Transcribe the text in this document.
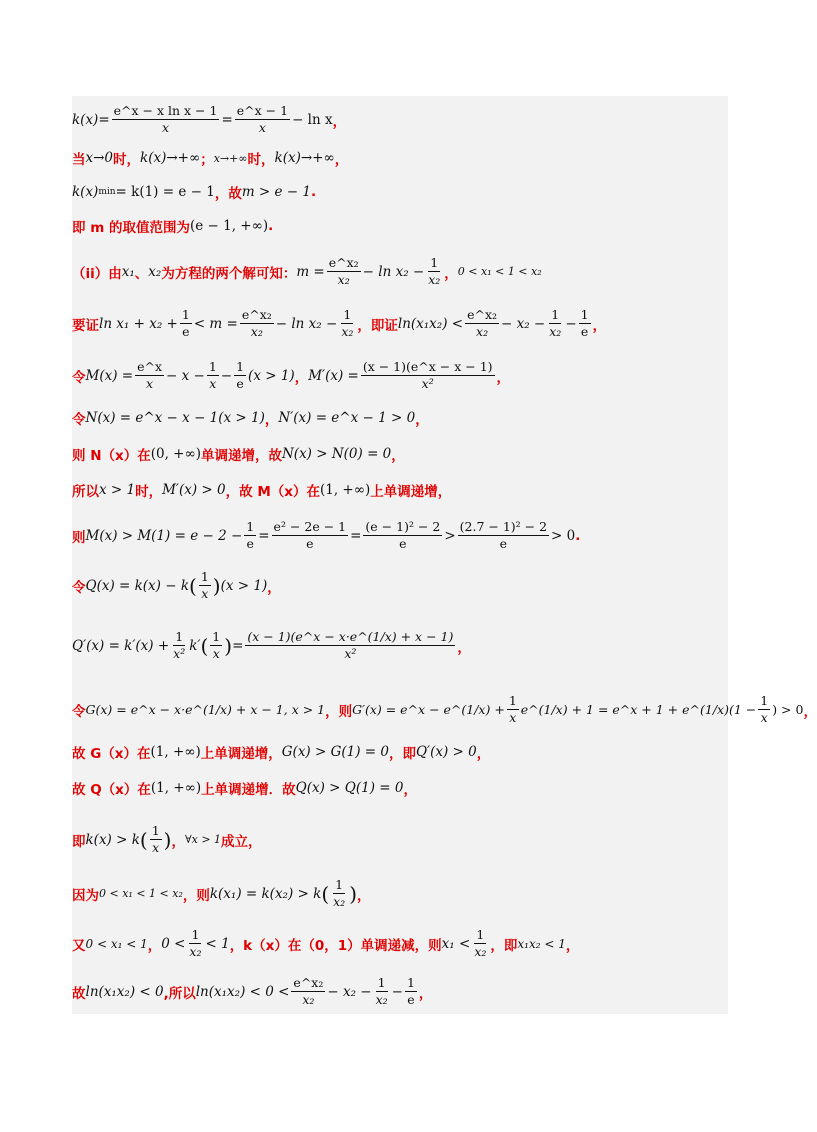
$k(x)= \frac{\text{e\textasciicircum{}x − x ln x − 1}}{x} = \frac{e\^{}x - 1}{x} - \ln x$ ，
当 x→0 时， k(x)→+∞ ； x→+∞ 时， k(x)→+∞ ，
k(x) min = k(1) = e − 1 ，故 m > e − 1 .
即 m 的取值范围为 (e − 1, +∞) .
（ii）由 x₁ 、 x₂ 为方程的两个解可知： $m = \frac{\text{e\textasciicircum{}x₂}}{\text{x₂}} - \ln x_2 - \frac{1}{\text{x₂}}$ ， 0 < x₁ < 1 < x₂
要证 $\ln x_1 + x_2 + \frac{1}{e} < m = \frac{\text{e\textasciicircum{}x₂}}{\text{x₂}} - \ln x_2 - \frac{1}{\text{x₂}}$ ，即证 $\ln(x_1x_2) < \frac{\text{e\textasciicircum{}x₂}}{\text{x₂}} - x_2 - \frac{1}{\text{x₂}} - \frac{1}{e}$ ，
令 $M(x) = \frac{e\^{}x}{x} - x - \frac{1}{x} - \frac{1}{e} (x > 1)$ ， $M'(x) = \frac{(x - 1)(e\^{}x - x - 1)}{\text{x²}}$ ，
令 N(x) = e^x − x − 1(x > 1) ， N′(x) = e^x − 1 > 0 ，
则 N（x）在 (0, +∞) 单调递增，故 N(x) > N(0) = 0 ，
所以 x > 1 时， M′(x) > 0 ，故 M（x）在 (1, +∞) 上单调递增，
则 $M(x) > M(1) = e - 2 - \frac{1}{e} = \frac{\text{e² − 2e − 1}}{e} = \frac{\text{(e − 1)² − 2}}{e} > \frac{\text{(2.7 − 1)² − 2}}{e} > 0$ .
令 Q(x) = k(x) − k ( $\frac{1}{x}$ ) (x > 1) ，
$Q'(x) = k'(x) + \frac{1}{\text{x²}} k'$ ( $\frac{1}{x}$ ) = $\frac{(x - 1)(e\^{}x - x\cdot e\^{}(1/x) + x - 1)}{\text{x²}}$ ，
令 G(x) = e^x − x·e^(1/x) + x − 1, x > 1 ，则 G′(x) = e^x − e^(1/x) + $\frac{1}{x}$ e^(1/x) + 1 = e^x + 1 + e^(1/x)(1 − $\frac{1}{x}$ ) > 0 ，
故 G（x）在 (1, +∞) 上单调递增， G(x) > G(1) = 0 ，即 Q′(x) > 0 ，
故 Q（x）在 (1, +∞) 上单调递增．故 Q(x) > Q(1) = 0 ，
即 k(x) > k ( $\frac{1}{x}$ ) ， ∀x > 1 成立，
因为 0 < x₁ < 1 < x₂ ，则 k(x₁) = k(x₂) > k ( $\frac{1}{\text{x₂}}$ ) ，
又 0 < x₁ < 1 ， $0 < \frac{1}{\text{x₂}} < 1$ ，k（x）在（0，1）单调递减，则 $x_1 < \frac{1}{\text{x₂}}$ ，即 x₁x₂ < 1 ，
故 ln(x₁x₂) < 0 ,所以 $\ln(x_1x_2) < 0 < \frac{\text{e\textasciicircum{}x₂}}{\text{x₂}} - x_2 - \frac{1}{\text{x₂}} - \frac{1}{e}$ ，
